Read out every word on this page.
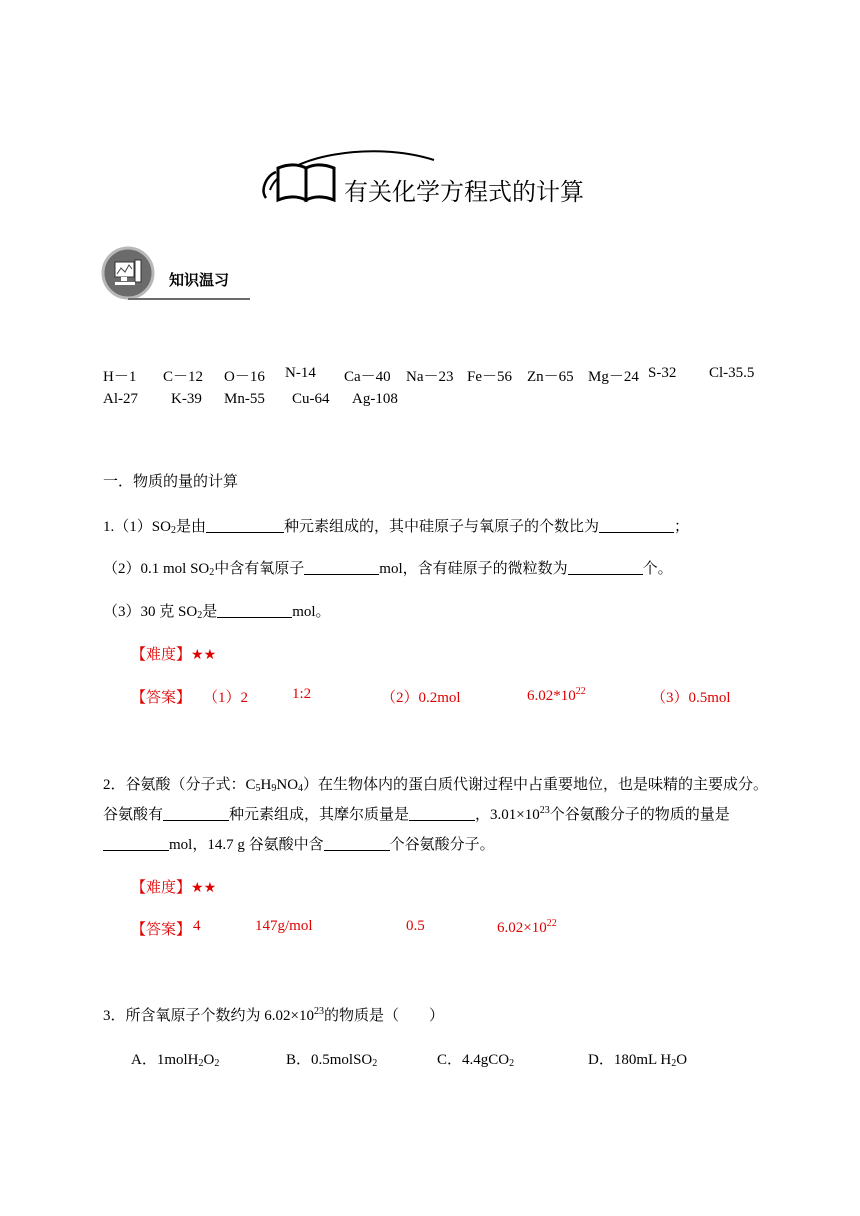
有关化学方程式的计算
知识温习
H－1 C－12 O－16 N-14 Ca－40 Na－23 Fe－56 Zn－65 Mg－24 S-32 Cl-35.5
Al-27 K-39 Mn-55 Cu-64 Ag-108
一．物质的量的计算
$1.(1)SO_2$是由	种元素组成的，其中硅原子与氧原子的个数比为	；
（2）0.1 mol $SO_2$中含有氧原子	mol，含有硅原子的微粒数为	个。
（3）30 克 $SO_2$是	mol。
【难度】★★
【答案】 （1）2	1:2	（2）0.2mol	$6.02*10^{22}$	（3）0.5mol
2．谷氨酸（分子式：$C_5H_9NO_4$）在生物体内的蛋白质代谢过程中占重要地位，也是味精的主要成分。
谷氨酸有	种元素组成，其摩尔质量是	，$3.01\times 10^{23}$个谷氨酸分子的物质的量是
mol，14.7 g 谷氨酸中含	个谷氨酸分子。
【难度】★★
【答案】 4	147g/mol	0.5	$6.02\times 10^{22}$
3．所含氧原子个数约为 $6.02\times 10^{23}$的物质是（　　）
A．$1molH_2O_2$	B．0.5molSO$_2$	C．4.4gCO$_2$	D．180mL $H_2O$
